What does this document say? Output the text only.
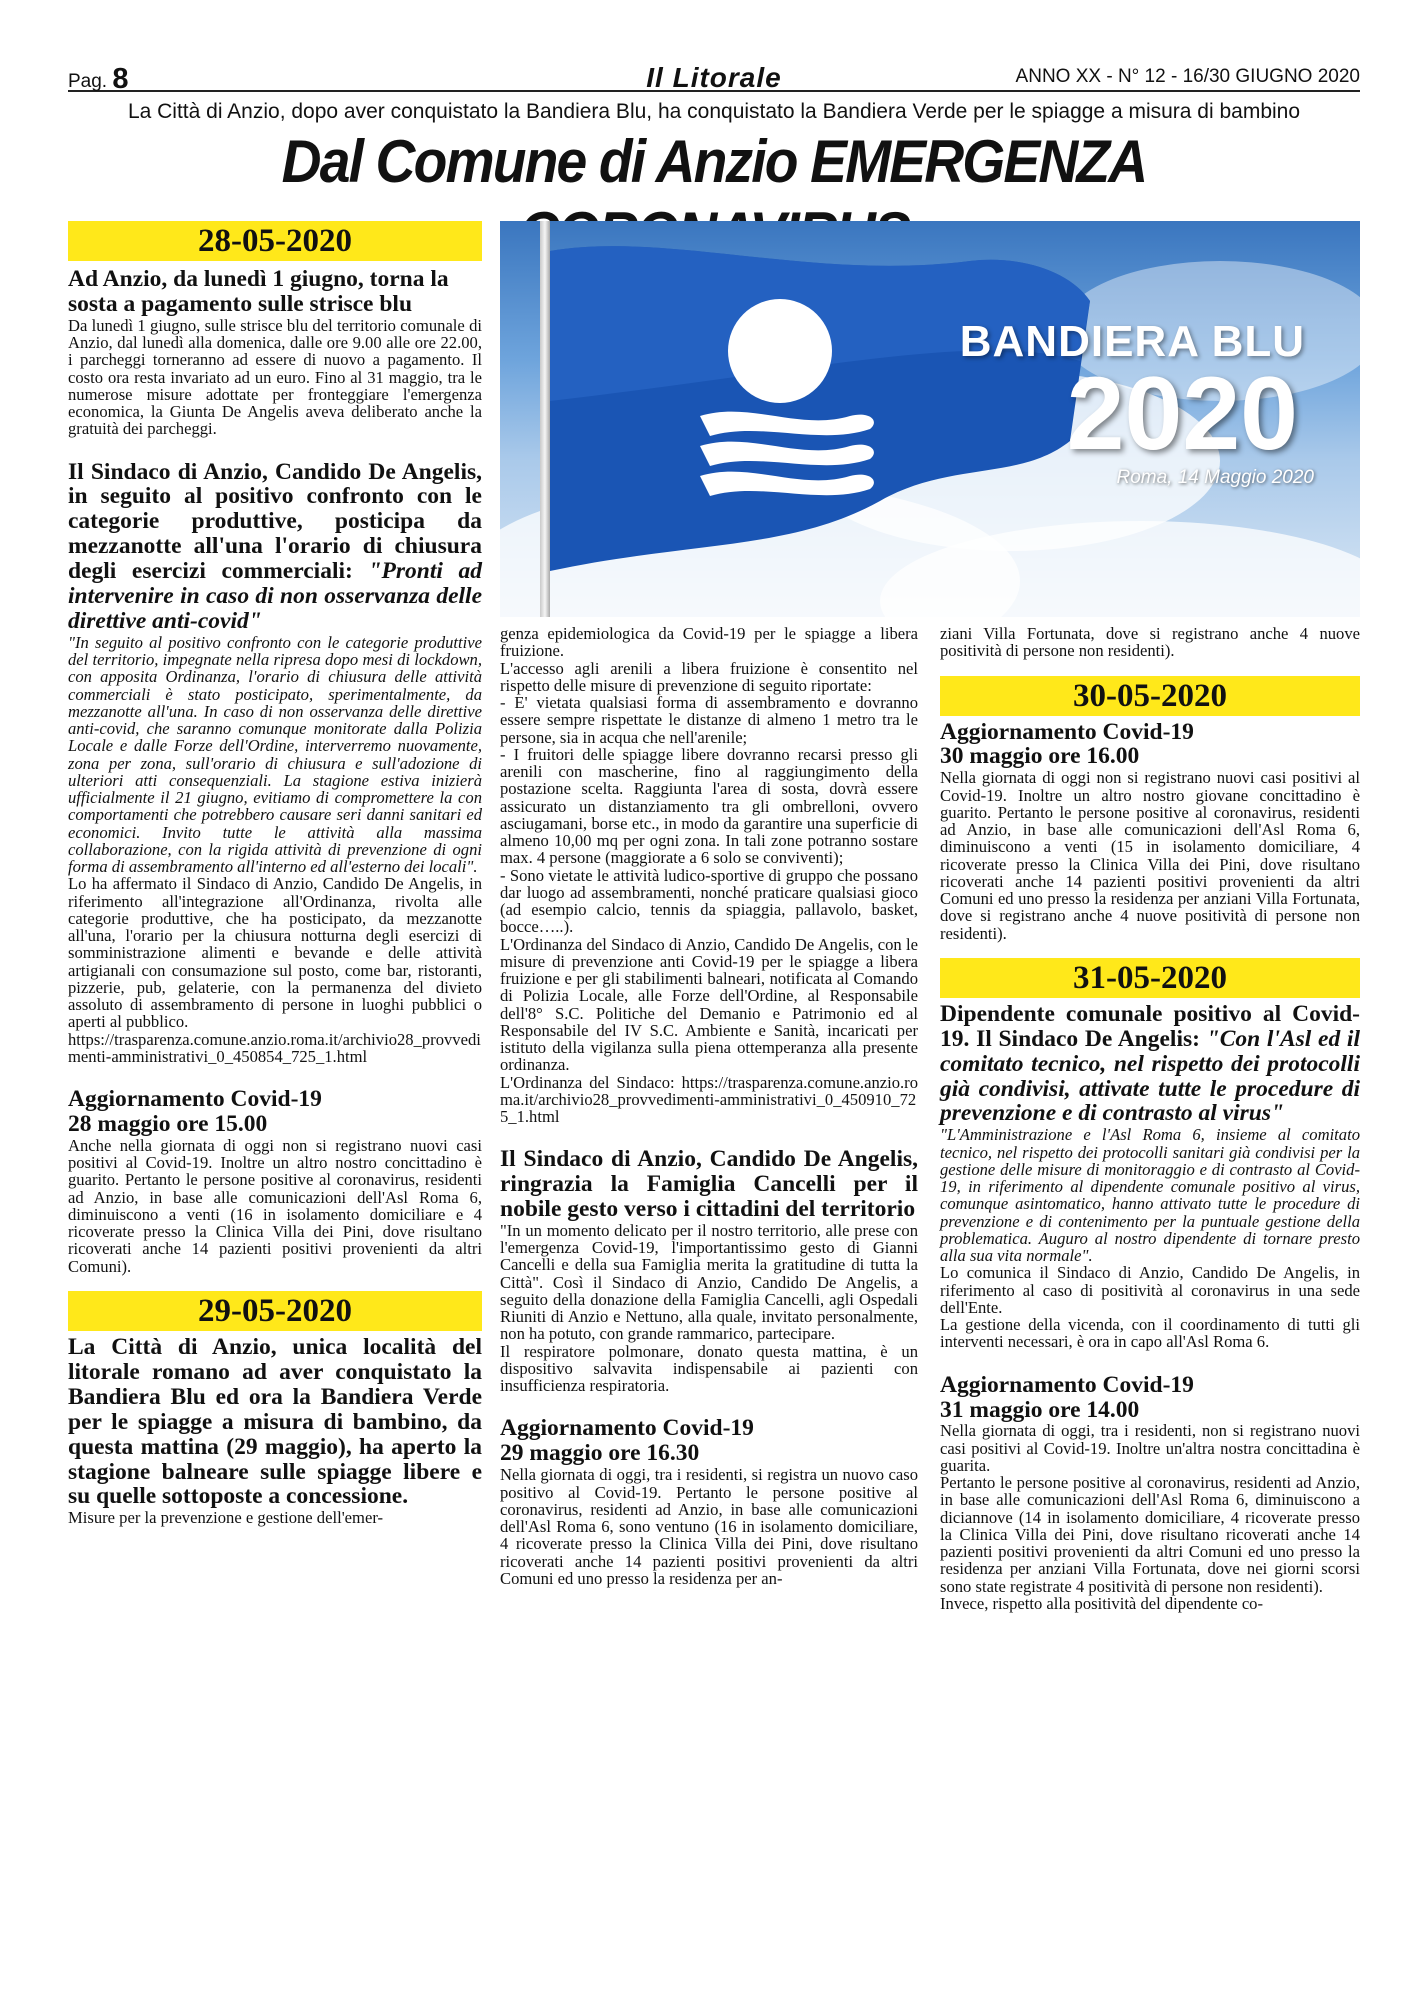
Pag. 8	Il Litorale	ANNO XX - N° 12 - 16/30 GIUGNO 2020
La Città di Anzio, dopo aver conquistato la Bandiera Blu, ha conquistato la Bandiera Verde per le spiagge a misura di bambino
Dal Comune di Anzio EMERGENZA
28-05-2020
Ad Anzio, da lunedì 1 giugno, torna la sosta a pagamento sulle strisce blu

Da lunedì 1 giugno, sulle strisce blu del territorio comunale di Anzio, dal lunedì alla domenica, dalle ore 9.00 alle ore 22.00, i parcheggi torneranno ad essere di nuovo a pagamento. Il costo ora resta invariato ad un euro. Fino al 31 maggio, tra le numerose misure adottate per fronteggiare l'emergenza economica, la Giunta De Angelis aveva deliberato anche la gratuità dei parcheggi.

Il Sindaco di Anzio, Candido De Angelis, in seguito al positivo confronto con le categorie produttive, posticipa da mezzanotte all'una l'orario di chiusura degli esercizi commerciali: "Pronti ad intervenire in caso di non osservanza delle direttive anti-covid"

"In seguito al positivo confronto con le categorie produttive del territorio, impegnate nella ripresa dopo mesi di lockdown, con apposita Ordinanza, l'orario di chiusura delle attività commerciali è stato posticipato, sperimentalmente, da mezzanotte all'una. In caso di non osservanza delle direttive anti-covid, che saranno comunque monitorate dalla Polizia Locale e dalle Forze dell'Ordine, interverremo nuovamente, zona per zona, sull'orario di chiusura e sull'adozione di ulteriori atti consequenziali. La stagione estiva inizierà ufficialmente il 21 giugno, evitiamo di compromettere la con comportamenti che potrebbero causare seri danni sanitari ed economici. Invito tutte le attività alla massima collaborazione, con la rigida attività di prevenzione di ogni forma di assembramento all'interno ed all'esterno dei locali".

Lo ha affermato il Sindaco di Anzio, Candido De Angelis, in riferimento all'integrazione all'Ordinanza, rivolta alle categorie produttive, che ha posticipato, da mezzanotte all'una, l'orario per la chiusura notturna degli esercizi di somministrazione alimenti e bevande e delle attività artigianali con consumazione sul posto, come bar, ristoranti, pizzerie, pub, gelaterie, con la permanenza del divieto assoluto di assembramento di persone in luoghi pubblici o aperti al pubblico.

https://trasparenza.comune.anzio.roma.it/archivio28_provvedimenti-amministrativi_0_450854_725_1.html

Aggiornamento Covid-19
28 maggio ore 15.00

Anche nella giornata di oggi non si registrano nuovi casi positivi al Covid-19. Inoltre un altro nostro concittadino è guarito. Pertanto le persone positive al coronavirus, residenti ad Anzio, in base alle comunicazioni dell'Asl Roma 6, diminuiscono a venti (16 in isolamento domiciliare e 4 ricoverate presso la Clinica Villa dei Pini, dove risultano ricoverati anche 14 pazienti positivi provenienti da altri Comuni).

29-05-2020
La Città di Anzio, unica località del litorale romano ad aver conquistato la Bandiera Blu ed ora la Bandiera Verde per le spiagge a misura di bambino, da questa mattina (29 maggio), ha aperto la stagione balneare sulle spiagge libere e su quelle sottoposte a concessione.

Misure per la prevenzione e gestione dell'emer-

BANDIERA BLU
2020
Roma, 14 Maggio 2020

genza epidemiologica da Covid-19 per le spiagge a libera fruizione.

L'accesso agli arenili a libera fruizione è consentito nel rispetto delle misure di prevenzione di seguito riportate:

- E' vietata qualsiasi forma di assembramento e dovranno essere sempre rispettate le distanze di almeno 1 metro tra le persone, sia in acqua che nell'arenile;

- I fruitori delle spiagge libere dovranno recarsi presso gli arenili con mascherine, fino al raggiungimento della postazione scelta. Raggiunta l'area di sosta, dovrà essere assicurato un distanziamento tra gli ombrelloni, ovvero asciugamani, borse etc., in modo da garantire una superficie di almeno 10,00 mq per ogni zona. In tali zone potranno sostare max. 4 persone (maggiorate a 6 solo se conviventi);

- Sono vietate le attività ludico-sportive di gruppo che possano dar luogo ad assembramenti, nonché praticare qualsiasi gioco (ad esempio calcio, tennis da spiaggia, pallavolo, basket, bocce…..).

L'Ordinanza del Sindaco di Anzio, Candido De Angelis, con le misure di prevenzione anti Covid-19 per le spiagge a libera fruizione e per gli stabilimenti balneari, notificata al Comando di Polizia Locale, alle Forze dell'Ordine, al Responsabile dell'8° S.C. Politiche del Demanio e Patrimonio ed al Responsabile del IV S.C. Ambiente e Sanità, incaricati per istituto della vigilanza sulla piena ottemperanza alla presente ordinanza.

L'Ordinanza del Sindaco: https://trasparenza.comune.anzio.roma.it/archivio28_provvedimenti-amministrativi_0_450910_725_1.html

Il Sindaco di Anzio, Candido De Angelis, ringrazia la Famiglia Cancelli per il nobile gesto verso i cittadini del territorio

"In un momento delicato per il nostro territorio, alle prese con l'emergenza Covid-19, l'importantissimo gesto di Gianni Cancelli e della sua Famiglia merita la gratitudine di tutta la Città". Così il Sindaco di Anzio, Candido De Angelis, a seguito della donazione della Famiglia Cancelli, agli Ospedali Riuniti di Anzio e Nettuno, alla quale, invitato personalmente, non ha potuto, con grande rammarico, partecipare.

Il respiratore polmonare, donato questa mattina, è un dispositivo salvavita indispensabile ai pazienti con insufficienza respiratoria.

Aggiornamento Covid-19
29 maggio ore 16.30

Nella giornata di oggi, tra i residenti, si registra un nuovo caso positivo al Covid-19. Pertanto le persone positive al coronavirus, residenti ad Anzio, in base alle comunicazioni dell'Asl Roma 6, sono ventuno (16 in isolamento domiciliare, 4 ricoverate presso la Clinica Villa dei Pini, dove risultano ricoverati anche 14 pazienti positivi provenienti da altri Comuni ed uno presso la residenza per an-

ziani Villa Fortunata, dove si registrano anche 4 nuove positività di persone non residenti).

30-05-2020
Aggiornamento Covid-19
30 maggio ore 16.00

Nella giornata di oggi non si registrano nuovi casi positivi al Covid-19. Inoltre un altro nostro giovane concittadino è guarito. Pertanto le persone positive al coronavirus, residenti ad Anzio, in base alle comunicazioni dell'Asl Roma 6, diminuiscono a venti (15 in isolamento domiciliare, 4 ricoverate presso la Clinica Villa dei Pini, dove risultano ricoverati anche 14 pazienti positivi provenienti da altri Comuni ed uno presso la residenza per anziani Villa Fortunata, dove si registrano anche 4 nuove positività di persone non residenti).

31-05-2020
Dipendente comunale positivo al Covid-19. Il Sindaco De Angelis: "Con l'Asl ed il comitato tecnico, nel rispetto dei protocolli già condivisi, attivate tutte le procedure di prevenzione e di contrasto al virus"

"L'Amministrazione e l'Asl Roma 6, insieme al comitato tecnico, nel rispetto dei protocolli sanitari già condivisi per la gestione delle misure di monitoraggio e di contrasto al Covid-19, in riferimento al dipendente comunale positivo al virus, comunque asintomatico, hanno attivato tutte le procedure di prevenzione e di contenimento per la puntuale gestione della problematica. Auguro al nostro dipendente di tornare presto alla sua vita normale".

Lo comunica il Sindaco di Anzio, Candido De Angelis, in riferimento al caso di positività al coronavirus in una sede dell'Ente.

La gestione della vicenda, con il coordinamento di tutti gli interventi necessari, è ora in capo all'Asl Roma 6.

Aggiornamento Covid-19
31 maggio ore 14.00

Nella giornata di oggi, tra i residenti, non si registrano nuovi casi positivi al Covid-19. Inoltre un'altra nostra concittadina è guarita.

Pertanto le persone positive al coronavirus, residenti ad Anzio, in base alle comunicazioni dell'Asl Roma 6, diminuiscono a diciannove (14 in isolamento domiciliare, 4 ricoverate presso la Clinica Villa dei Pini, dove risultano ricoverati anche 14 pazienti positivi provenienti da altri Comuni ed uno presso la residenza per anziani Villa Fortunata, dove nei giorni scorsi sono state registrate 4 positività di persone non residenti).

Invece, rispetto alla positività del dipendente co-
